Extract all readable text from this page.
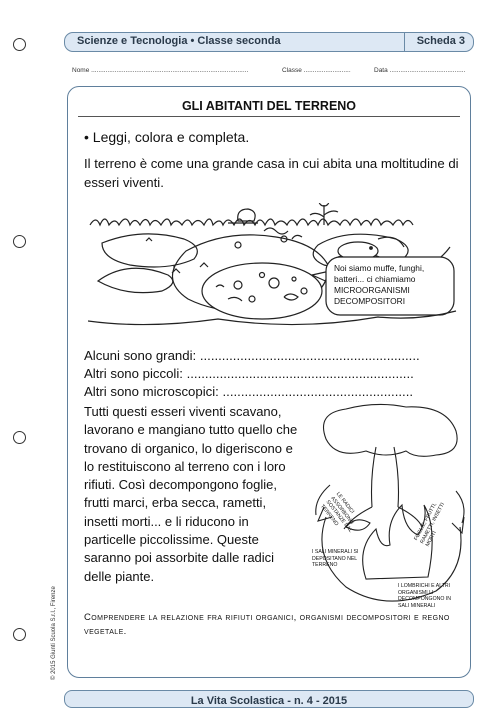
Scienze e Tecnologia • Classe seconda	Scheda 3
Nome .......................................................................................	Classe ..........................	Data ..........................................
GLI ABITANTI DEL TERRENO
• Leggi, colora e completa.
Il terreno è come una grande casa in cui abita una moltitudine di esseri viventi.
Noi siamo muffe, funghi, batteri... ci chiamiamo MICROORGANISMI DECOMPOSITORI
Alcuni sono grandi: ............................................................
Altri sono piccoli: ..............................................................
Altri sono microscopici: ....................................................
Tutti questi esseri viventi scavano, lavorano e mangiano tutto quello che trovano di organico, lo digeriscono e lo restituiscono al terreno con i loro rifiuti. Così decompongono foglie, frutti marci, erba secca, rametti, insetti morti... e li riducono in particelle piccolissime. Queste saranno poi assorbite dalle radici delle piante.
LE RADICI ASSORBONO SOSTANZE DAL TERRENO	FOGLIE, FRUTTI, RAMETTI, INSETTI MORTI
I SALI MINERALI SI DEPOSITANO NEL TERRENO
I LOMBRICHI E ALTRI ORGANISMI LI DECOMPONGONO IN SALI MINERALI
Comprendere la relazione fra rifiuti organici, organismi decompositori e regno vegetale.
© 2015 Giunti Scuola S.r.l., Firenze
La Vita Scolastica - n. 4 - 2015
